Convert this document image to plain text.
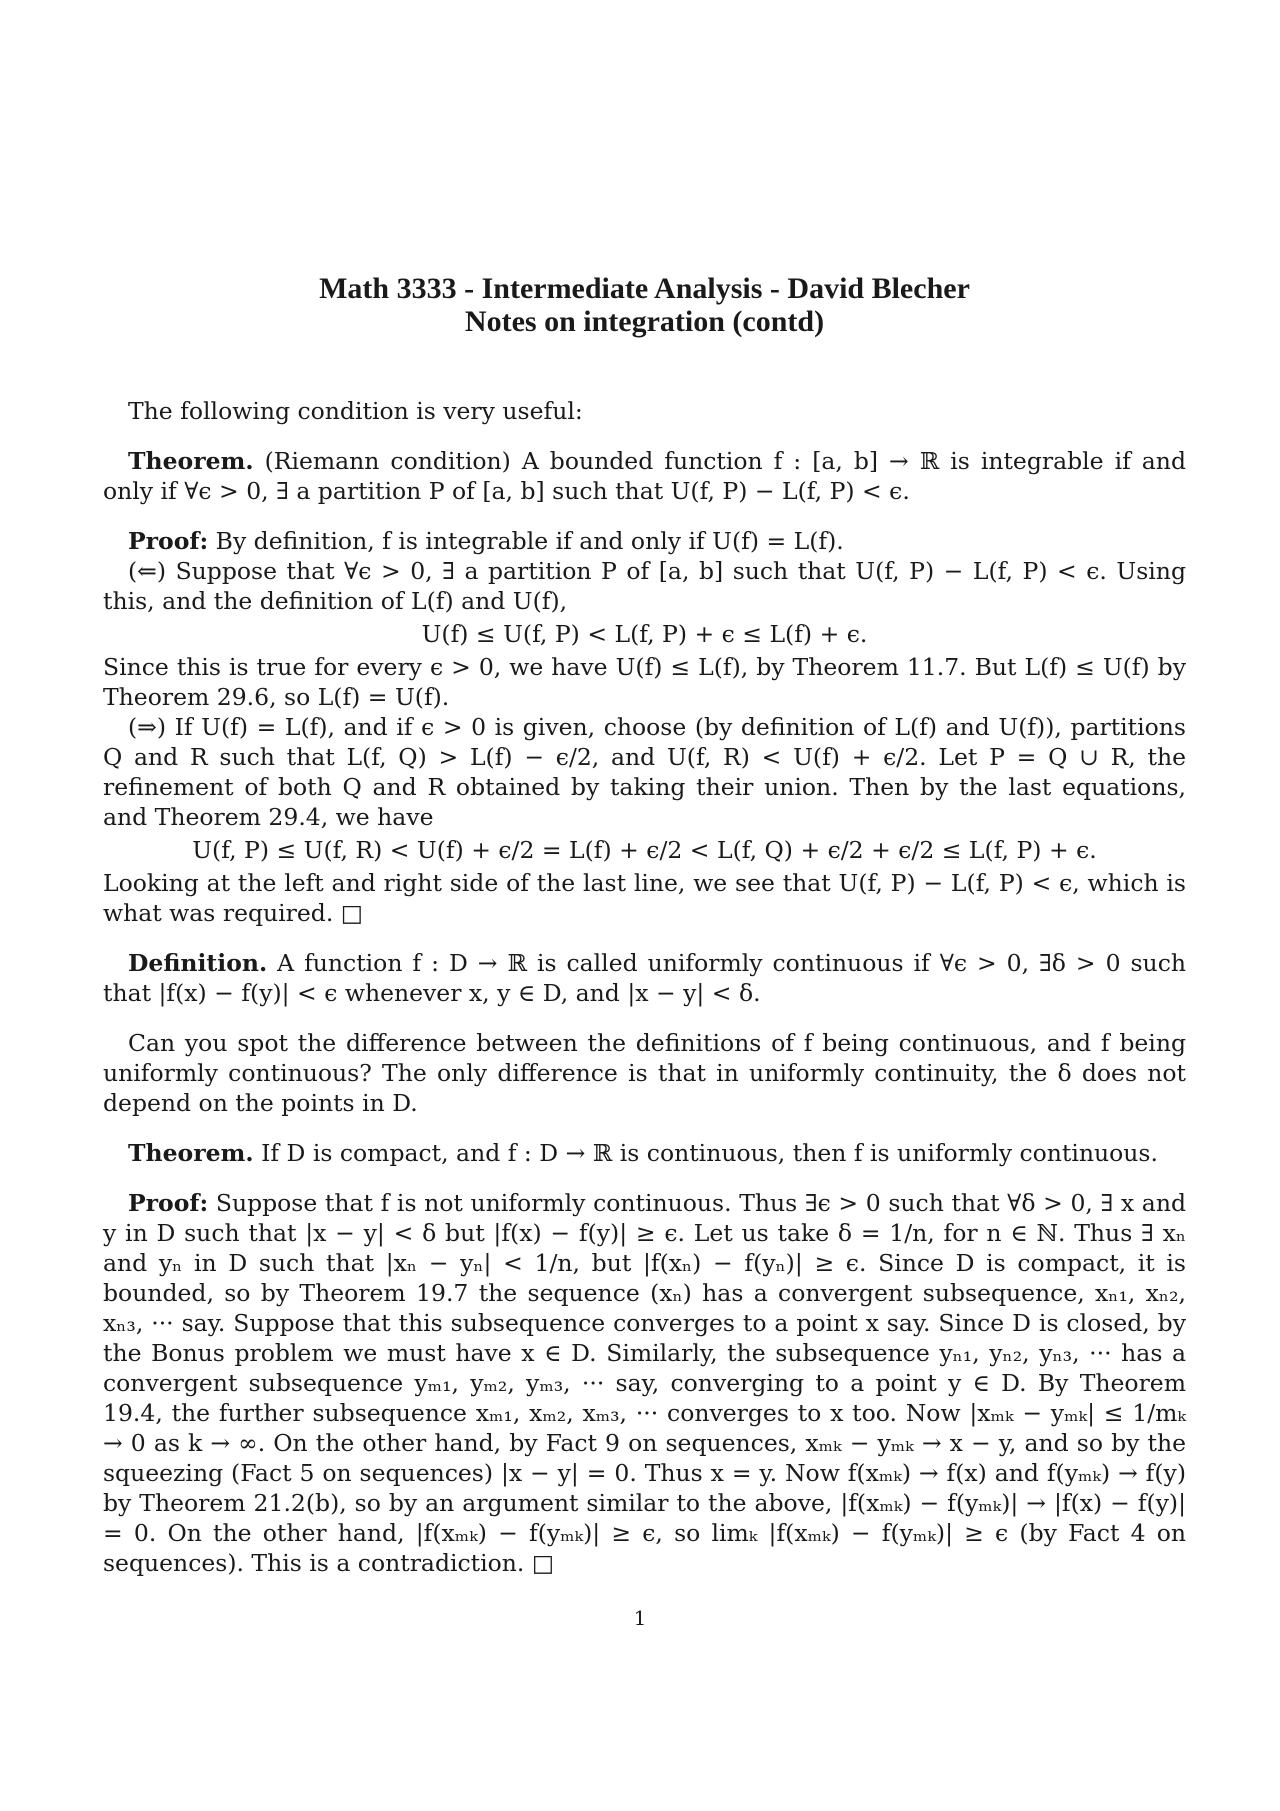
Math 3333 - Intermediate Analysis - David Blecher
Notes on integration (contd)

The following condition is very useful:

Theorem. (Riemann condition) A bounded function f : [a, b] → ℝ is integrable if and only if ∀ϵ > 0, ∃ a partition P of [a, b] such that U(f, P) − L(f, P) < ϵ.

Proof: By definition, f is integrable if and only if U(f) = L(f).

(⇐) Suppose that ∀ϵ > 0, ∃ a partition P of [a, b] such that U(f, P) − L(f, P) < ϵ. Using this, and the definition of L(f) and U(f),

U(f) ≤ U(f, P) < L(f, P) + ϵ ≤ L(f) + ϵ.

Since this is true for every ϵ > 0, we have U(f) ≤ L(f), by Theorem 11.7. But L(f) ≤ U(f) by Theorem 29.6, so L(f) = U(f).

(⇒) If U(f) = L(f), and if ϵ > 0 is given, choose (by definition of L(f) and U(f)), partitions Q and R such that L(f, Q) > L(f) − ϵ/2, and U(f, R) < U(f) + ϵ/2. Let P = Q ∪ R, the refinement of both Q and R obtained by taking their union. Then by the last equations, and Theorem 29.4, we have

U(f, P) ≤ U(f, R) < U(f) + ϵ/2 = L(f) + ϵ/2 < L(f, Q) + ϵ/2 + ϵ/2 ≤ L(f, P) + ϵ.

Looking at the left and right side of the last line, we see that U(f, P) − L(f, P) < ϵ, which is what was required. □

Definition. A function f : D → ℝ is called uniformly continuous if ∀ϵ > 0, ∃δ > 0 such that |f(x) − f(y)| < ϵ whenever x, y ∈ D, and |x − y| < δ.

Can you spot the difference between the definitions of f being continuous, and f being uniformly continuous? The only difference is that in uniformly continuity, the δ does not depend on the points in D.

Theorem. If D is compact, and f : D → ℝ is continuous, then f is uniformly continuous.

Proof: Suppose that f is not uniformly continuous. Thus ∃ϵ > 0 such that ∀δ > 0, ∃ x and y in D such that |x − y| < δ but |f(x) − f(y)| ≥ ϵ. Let us take δ = 1/n, for n ∈ ℕ. Thus ∃ xₙ and yₙ in D such that |xₙ − yₙ| < 1/n, but |f(xₙ) − f(yₙ)| ≥ ϵ. Since D is compact, it is bounded, so by Theorem 19.7 the sequence (xₙ) has a convergent subsequence, xₙ₁, xₙ₂, xₙ₃, ··· say. Suppose that this subsequence converges to a point x say. Since D is closed, by the Bonus problem we must have x ∈ D. Similarly, the subsequence yₙ₁, yₙ₂, yₙ₃, ··· has a convergent subsequence yₘ₁, yₘ₂, yₘ₃, ··· say, converging to a point y ∈ D. By Theorem 19.4, the further subsequence xₘ₁, xₘ₂, xₘ₃, ··· converges to x too. Now |xₘₖ − yₘₖ| ≤ 1/mₖ → 0 as k → ∞. On the other hand, by Fact 9 on sequences, xₘₖ − yₘₖ → x − y, and so by the squeezing (Fact 5 on sequences) |x − y| = 0. Thus x = y. Now f(xₘₖ) → f(x) and f(yₘₖ) → f(y) by Theorem 21.2(b), so by an argument similar to the above, |f(xₘₖ) − f(yₘₖ)| → |f(x) − f(y)| = 0. On the other hand, |f(xₘₖ) − f(yₘₖ)| ≥ ϵ, so limₖ |f(xₘₖ) − f(yₘₖ)| ≥ ϵ (by Fact 4 on sequences). This is a contradiction. □

1
